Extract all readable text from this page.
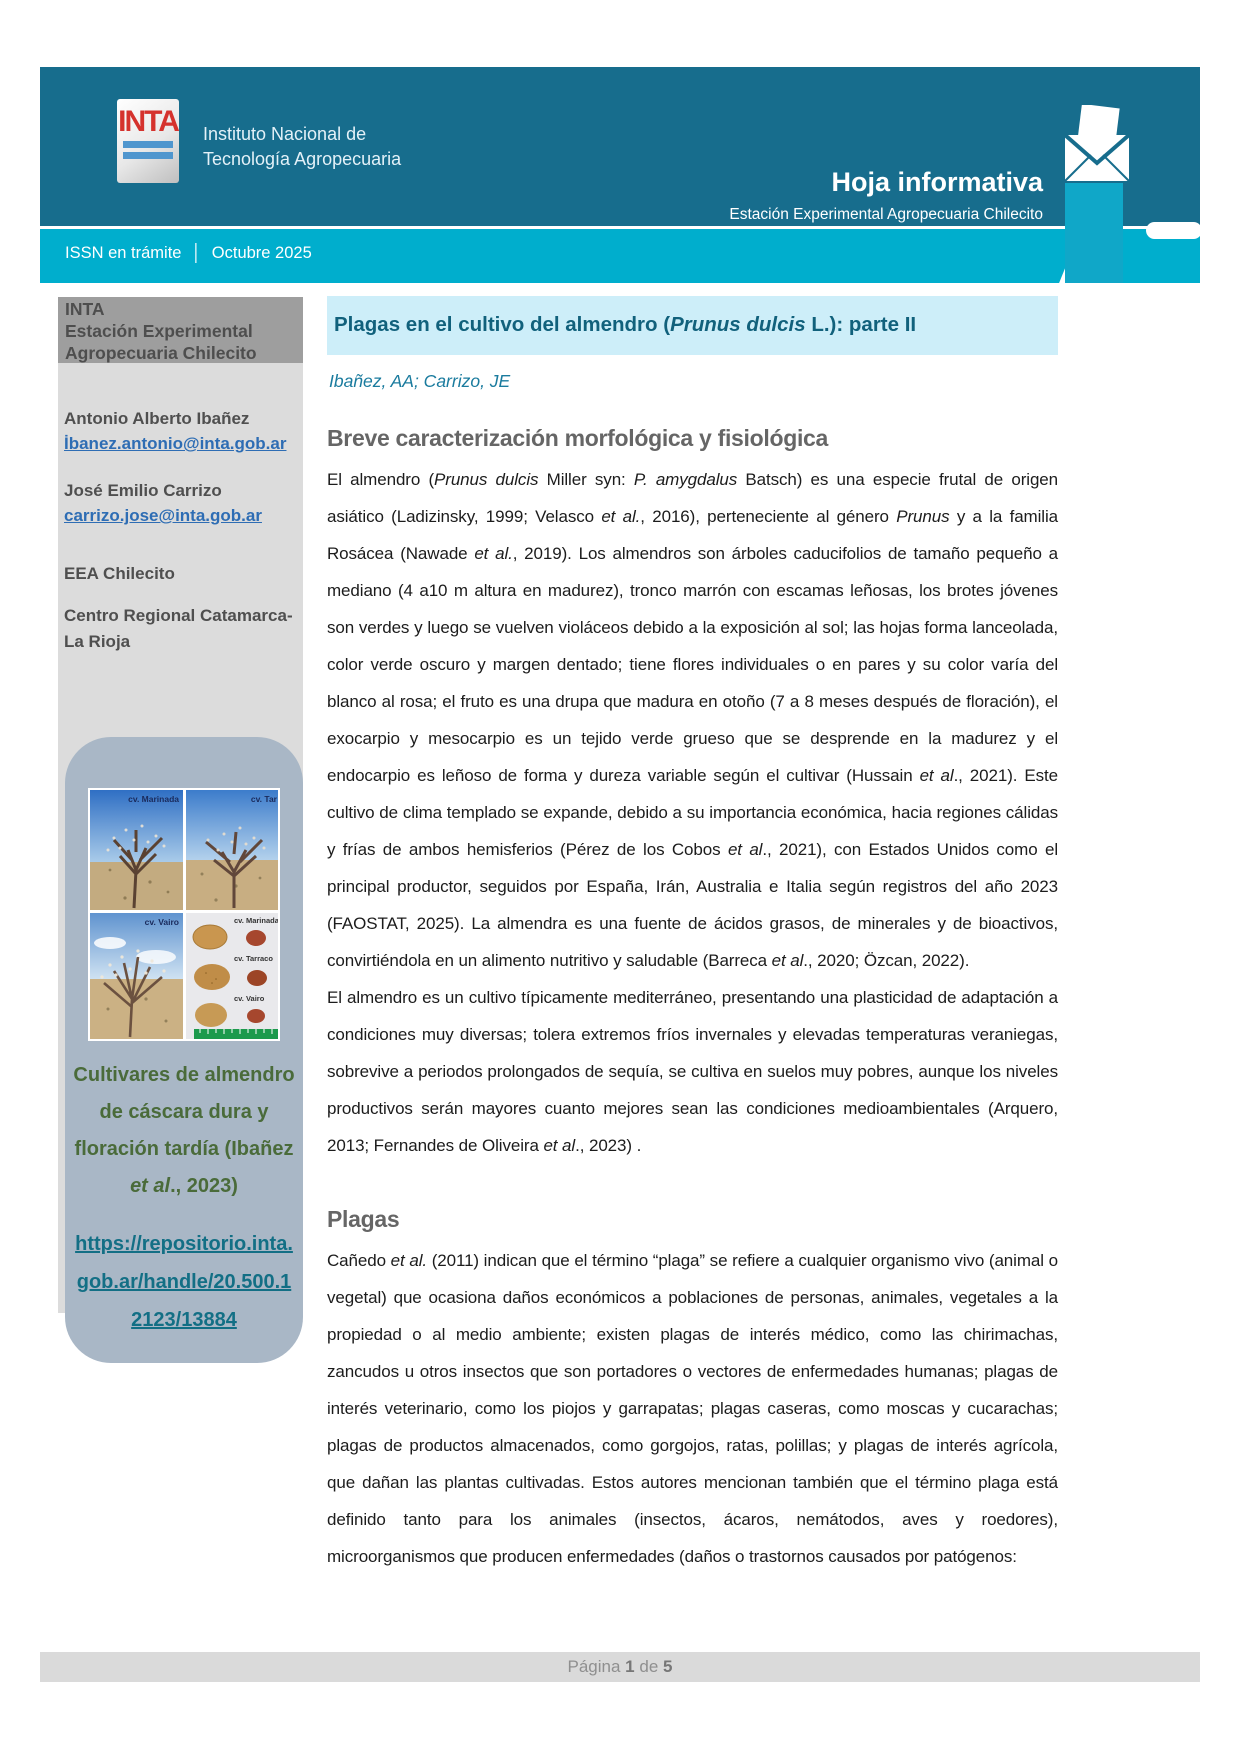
INTA Instituto Nacional de
Tecnología Agropecuaria
Hoja informativa
Estación Experimental Agropecuaria Chilecito
ISSN en trámite │ Octubre 2025
INTA
Estación Experimental
Agropecuaria Chilecito
Antonio Alberto Ibañez
İbanez.antonio@inta.gob.ar
José Emilio Carrizo
carrizo.jose@inta.gob.ar
EEA Chilecito
Centro Regional Catamarca-
La Rioja
cv. Marinada	cv. Tar
cv. Vairo	cv. Marinada
cv. Tarraco
cv. Vairo
Cultivares de almendro de cáscara dura y floración tardía (Ibañez et al., 2023)
https://repositorio.inta.gob.ar/handle/20.500.12123/13884
Plagas en el cultivo del almendro (Prunus dulcis L.): parte II
Ibañez, AA; Carrizo, JE
Breve caracterización morfológica y fisiológica

El almendro (Prunus dulcis Miller syn: P. amygdalus Batsch) es una especie frutal de origen asiático (Ladizinsky, 1999; Velasco et al., 2016), perteneciente al género Prunus y a la familia Rosácea (Nawade et al., 2019). Los almendros son árboles caducifolios de tamaño pequeño a mediano (4 a10 m altura en madurez), tronco marrón con escamas leñosas, los brotes jóvenes son verdes y luego se vuelven violáceos debido a la exposición al sol; las hojas forma lanceolada, color verde oscuro y margen dentado; tiene flores individuales o en pares y su color varía del blanco al rosa; el fruto es una drupa que madura en otoño (7 a 8 meses después de floración), el exocarpio y mesocarpio es un tejido verde grueso que se desprende en la madurez y el endocarpio es leñoso de forma y dureza variable según el cultivar (Hussain et al., 2021). Este cultivo de clima templado se expande, debido a su importancia económica, hacia regiones cálidas y frías de ambos hemisferios (Pérez de los Cobos et al., 2021), con Estados Unidos como el principal productor, seguidos por España, Irán, Australia e Italia según registros del año 2023 (FAOSTAT, 2025). La almendra es una fuente de ácidos grasos, de minerales y de bioactivos, convirtiéndola en un alimento nutritivo y saludable (Barreca et al., 2020; Özcan, 2022).

El almendro es un cultivo típicamente mediterráneo, presentando una plasticidad de adaptación a condiciones muy diversas; tolera extremos fríos invernales y elevadas temperaturas veraniegas, sobrevive a periodos prolongados de sequía, se cultiva en suelos muy pobres, aunque los niveles productivos serán mayores cuanto mejores sean las condiciones medioambientales (Arquero, 2013; Fernandes de Oliveira et al., 2023) .

Plagas

Cañedo et al. (2011) indican que el término “plaga” se refiere a cualquier organismo vivo (animal o vegetal) que ocasiona daños económicos a poblaciones de personas, animales, vegetales a la propiedad o al medio ambiente; existen plagas de interés médico, como las chirimachas, zancudos u otros insectos que son portadores o vectores de enfermedades humanas; plagas de interés veterinario, como los piojos y garrapatas; plagas caseras, como moscas y cucarachas; plagas de productos almacenados, como gorgojos, ratas, polillas; y plagas de interés agrícola, que dañan las plantas cultivadas. Estos autores mencionan también que el término plaga está definido tanto para los animales (insectos, ácaros, nemátodos, aves y roedores), microorganismos que producen enfermedades (daños o trastornos causados por patógenos:

Página 1 de 5
